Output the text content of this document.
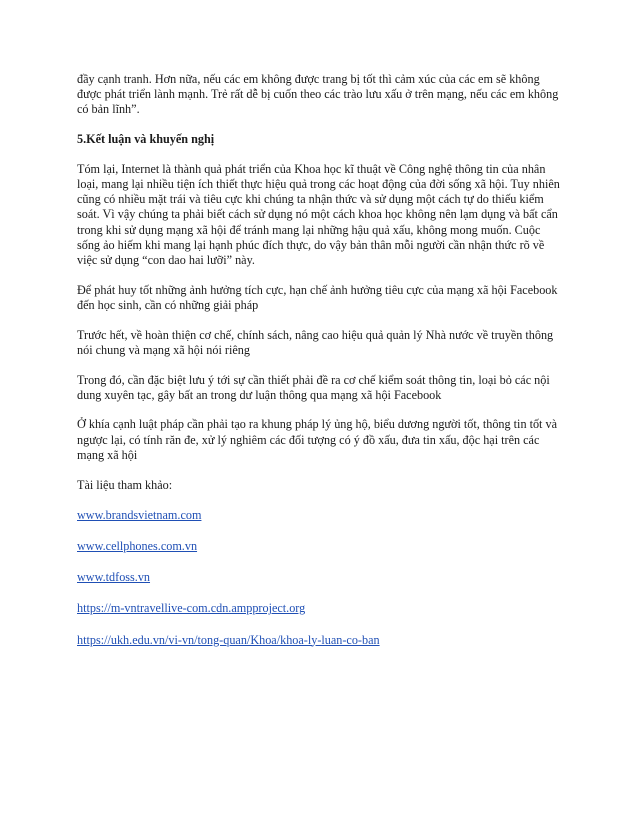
đầy cạnh tranh. Hơn nữa, nếu các em không được trang bị tốt thì cảm xúc của các em sẽ không được phát triển lành mạnh. Trẻ rất dễ bị cuốn theo các trào lưu xấu ở trên mạng, nếu các em không có bản lĩnh”.

5.Kết luận và khuyến nghị

Tóm lại, Internet là thành quả phát triển của Khoa học kĩ thuật về Công nghệ thông tin của nhân loại, mang lại nhiều tiện ích thiết thực hiệu quả trong các hoạt động của đời sống xã hội. Tuy nhiên cũng có nhiều mặt trái và tiêu cực khi chúng ta nhận thức và sử dụng một cách tự do thiếu kiểm soát. Vì vậy chúng ta phải biết cách sử dụng nó một cách khoa học không nên lạm dụng và bất cẩn trong khi sử dụng mạng xã hội để tránh mang lại những hậu quả xấu, không mong muốn. Cuộc sống ảo hiếm khi mang lại hạnh phúc đích thực, do vậy bản thân mỗi người cần nhận thức rõ về việc sử dụng “con dao hai lưỡi” này.

Để phát huy tốt những ảnh hưởng tích cực, hạn chế ảnh hưởng tiêu cực của mạng xã hội Facebook đến học sinh, cần có những giải pháp

Trước hết, về hoàn thiện cơ chế, chính sách, nâng cao hiệu quả quản lý Nhà nước về truyền thông nói chung và mạng xã hội nói riêng

Trong đó, cần đặc biệt lưu ý tới sự cần thiết phải đề ra cơ chế kiểm soát thông tin, loại bỏ các nội dung xuyên tạc, gây bất an trong dư luận thông qua mạng xã hội Facebook

Ở khía cạnh luật pháp cần phải tạo ra khung pháp lý ủng hộ, biểu dương người tốt, thông tin tốt và ngược lại, có tính răn đe, xử lý nghiêm các đối tượng có ý đồ xấu, đưa tin xấu, độc hại trên các mạng xã hội

Tài liệu tham khảo:

www.brandsvietnam.com
www.cellphones.com.vn
www.tdfoss.vn
https://m-vntravellive-com.cdn.ampproject.org
https://ukh.edu.vn/vi-vn/tong-quan/Khoa/khoa-ly-luan-co-ban
